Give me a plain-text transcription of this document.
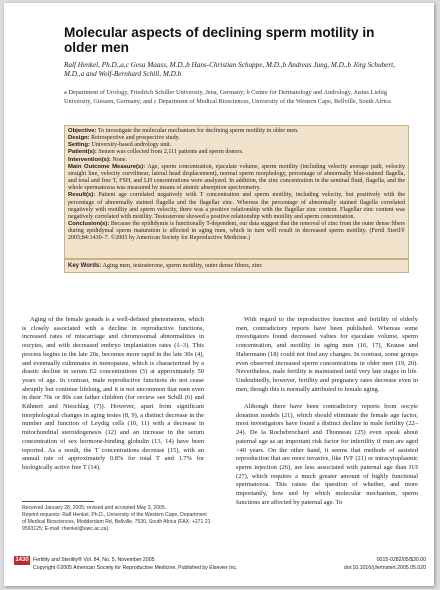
Molecular aspects of declining sperm motility in older men
Ralf Henkel, Ph.D.,a,c Gesa Maass, M.D.,b Hans-Christian Schuppe, M.D.,b Andreas Jung, M.D.,b Jörg Schubert, M.D.,a and Wolf-Bernhard Schill, M.D.b
a Department of Urology, Friedrich Schiller University, Jena, Germany; b Centre for Dermatology and Andrology, Justus Liebig University, Giessen, Germany; and c Department of Medical Biosciences, University of the Western Cape, Bellville, South Africa

Objective: To investigate the molecular mechanism for declining sperm motility in older men.

Design: Retrospective and prospective study.

Setting: University-based andrology unit.

Patient(s): Semen was collected from 2,111 patients and sperm donors.

Intervention(s): None.

Main Outcome Measure(s): Age, sperm concentration, ejaculate volume, sperm motility (including velocity average path, velocity straight line, velocity curvilinear, lateral head displacement), normal sperm morphology, percentage of abnormally blue-stained flagella, and total and free T, FSH, and LH concentrations were analyzed. In addition, the zinc concentration in the seminal fluid, flagella, and the whole spermatozoa was measured by means of atomic absorption spectrometry.

Result(s): Patient age correlated negatively with T concentration and sperm motility, including velocity, but positively with the percentage of abnormally stained flagella and the flagellar zinc. Whereas the percentage of abnormally stained flagella correlated negatively with motility and sperm velocity, there was a positive relationship with the flagellar zinc content. Flagellar zinc content was negatively correlated with motility. Testosterone showed a positive relationship with motility and sperm concentration.

Conclusion(s): Because the epididymis is functionally T-dependent, our data suggest that the removal of zinc from the outer dense fibers during epididymal sperm maturation is affected in aging men, which in turn will result in decreased sperm motility. (Fertil Steril® 2005;84:1430–7. ©2005 by American Society for Reproductive Medicine.)

Key Words: Aging men, testosterone, sperm motility, outer dense fibers, zinc

Aging of the female gonads is a well-defined phenomenon, which is closely associated with a decline in reproductive functions, increased rates of miscarriage and chromosomal abnormalities in oocytes, and with decreased embryo implantation rates (1–3). This process begins in the late 20s, becomes more rapid in the late 30s (4), and eventually culminates in menopause, which is characterized by a drastic decline in serum E2 concentrations (5) at approximately 50 years of age. In contrast, male reproductive functions do not cease abruptly but continue lifelong, and it is not uncommon that men even in their 70s or 80s can father children (for review see Schill (6) and Kühnert and Nieschlag (7)). However, apart from significant morphological changes in aging testes (8, 9), a distinct decrease in the number and function of Leydig cells (10, 11) with a decrease in mitochondrial steroidogenesis (12) and an increase in the serum concentration of sex hormone-binding globulin (13, 14) have been reported. As a result, the T concentrations decrease (15), with an annual rate of approximately 0.8% for total T and 1.7% for biologically active free T (14).

With regard to the reproductive function and fertility of elderly men, contradictory reports have been published. Whereas some investigators found decreased values for ejaculate volume, sperm concentration, and motility in aging men (16, 17), Krause and Habermann (18) could not find any changes. In contrast, some groups even observed increased sperm concentrations in older men (19, 20). Nevertheless, male fertility is maintained until very late stages in life. Undoubtedly, however, fertility and pregnancy rates decrease even in men, though this is normally attributed to female aging.

Although there have been contradictory reports from oocyte donation models (21), which should eliminate the female age factor, most investigators have found a distinct decline in male fertility (22–24). De la Rochebrochard and Thonneau (25) even speak about paternal age as an important risk factor for infertility if men are aged >40 years. On the other hand, it seems that methods of assisted reproduction that are more invasive, like IVF (21) or intracytoplasmic sperm injection (26), are less associated with paternal age than IUI (27), which requires a much greater amount of highly functional spermatozoa. This raises the question of whether, and more importantly, how and by which molecular mechanism, sperm functions are affected by paternal age. To

Received January 28, 2005; revised and accepted May 3, 2005.
Reprint requests: Ralf Henkel, Ph.D., University of the Western Cape, Department of Medical Biosciences, Modderdam Rd, Bellville, 7530, South Africa (FAX: +271 21 9593125; E-mail: rhenkel@uwc.ac.za).
1430 Fertility and Sterility® Vol. 84, No. 5, November 2005
Copyright ©2005 American Society for Reproductive Medicine, Published by Elsevier Inc.
0015-0282/05/$30.00
doi:10.1016/j.fertnstert.2005.05.020
